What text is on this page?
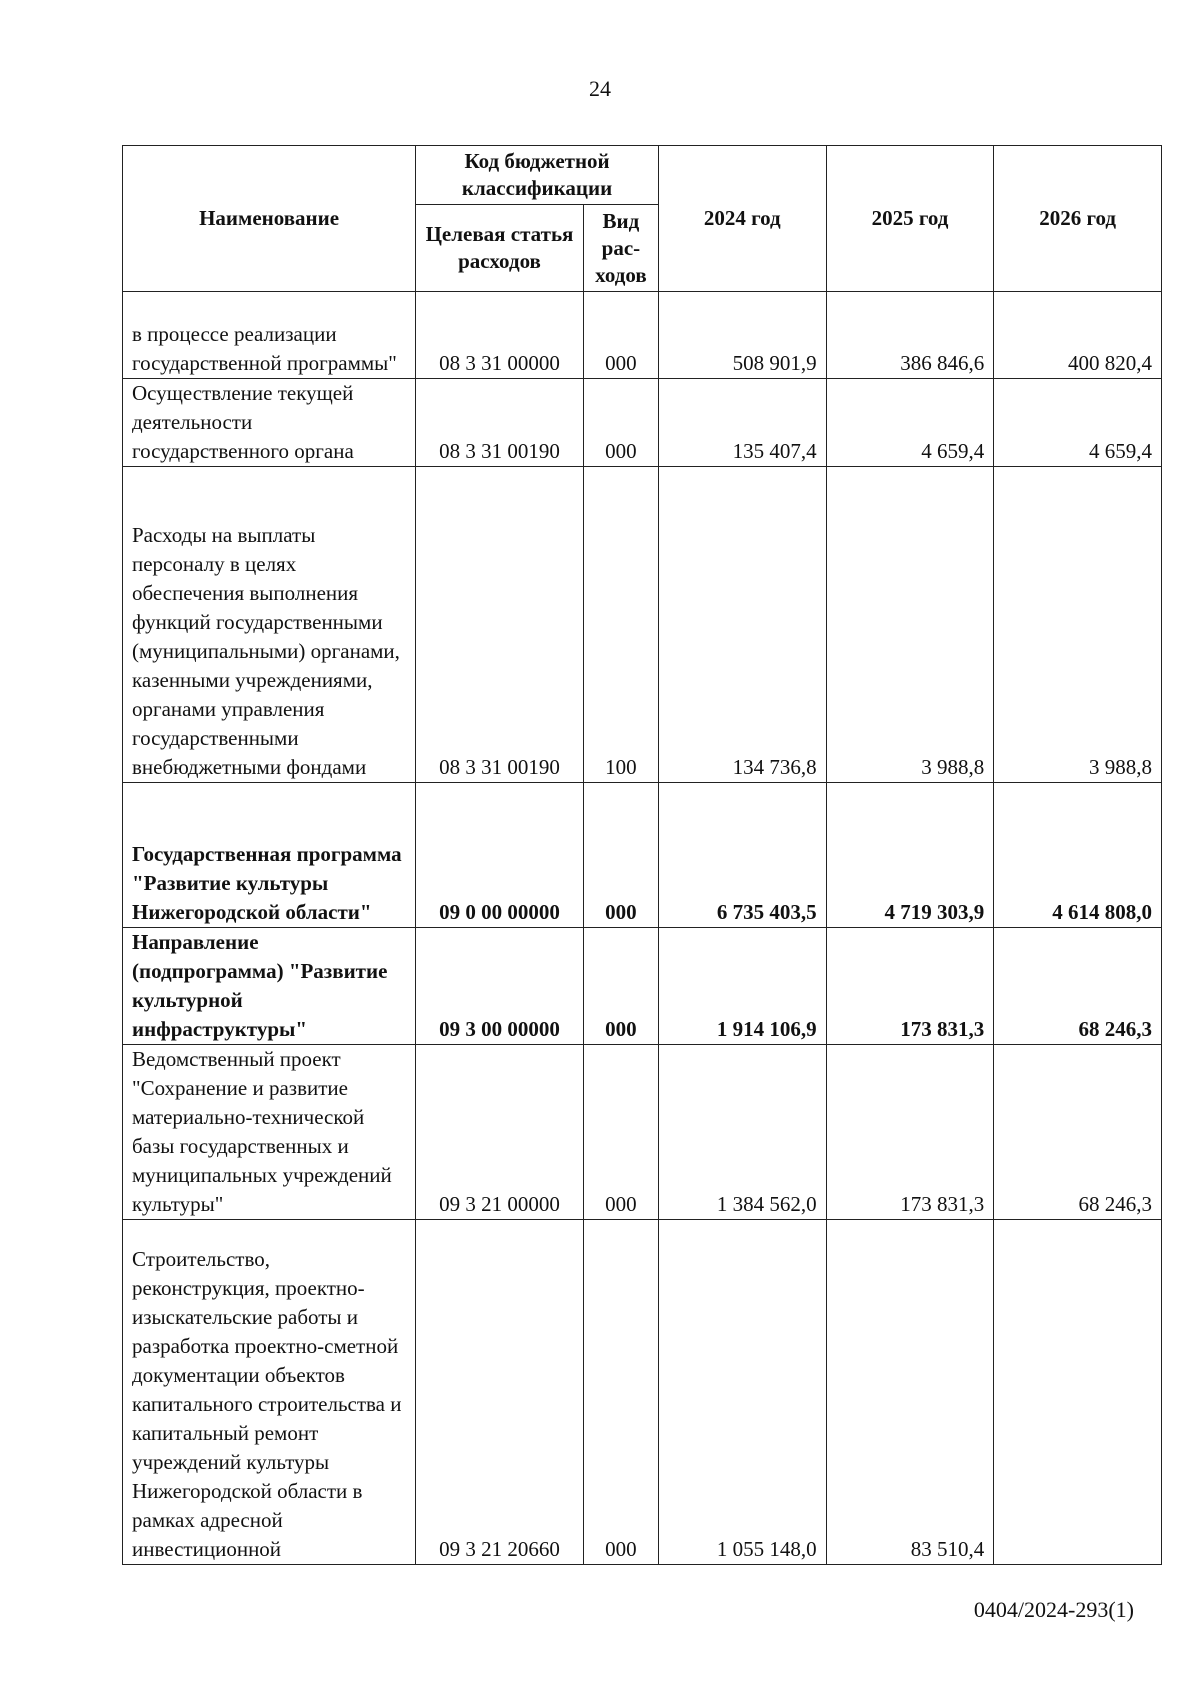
24
Наименование	Код бюджетной классификации		2024 год	2025 год	2026 год
	Целевая статья расходов	Вид рас-ходов			
в процессе реализации государственной программы"	08 3 31 00000	000	508 901,9	386 846,6	400 820,4
Осуществление текущей деятельности государственного органа	08 3 31 00190	000	135 407,4	4 659,4	4 659,4
Расходы на выплаты персоналу в целях обеспечения выполнения функций государственными (муниципальными) органами, казенными учреждениями, органами управления государственными внебюджетными фондами	08 3 31 00190	100	134 736,8	3 988,8	3 988,8
Государственная программа "Развитие культуры Нижегородской области"	09 0 00 00000	000	6 735 403,5	4 719 303,9	4 614 808,0
Направление (подпрограмма) "Развитие культурной инфраструктуры"	09 3 00 00000	000	1 914 106,9	173 831,3	68 246,3
Ведомственный проект "Сохранение и развитие материально-технической базы государственных и муниципальных учреждений культуры"	09 3 21 00000	000	1 384 562,0	173 831,3	68 246,3
Строительство, реконструкция, проектно-изыскательские работы и разработка проектно-сметной документации объектов капитального строительства и капитальный ремонт учреждений культуры Нижегородской области в рамках адресной инвестиционной	09 3 21 20660	000	1 055 148,0	83 510,4	
0404/2024-293(1)
